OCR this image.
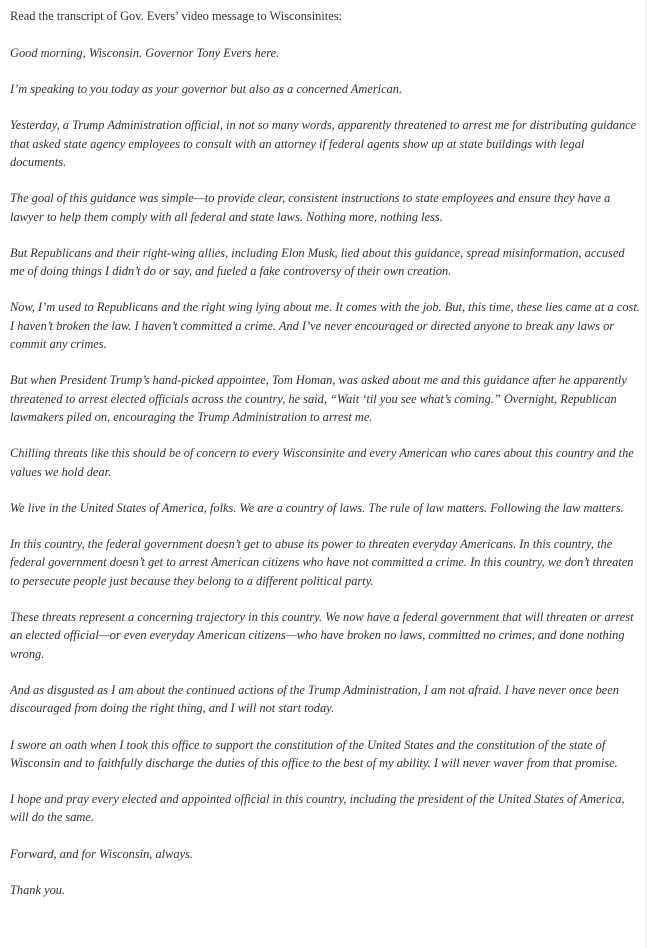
Read the transcript of Gov. Evers’ video message to Wisconsinites:

Good morning, Wisconsin. Governor Tony Evers here.

I’m speaking to you today as your governor but also as a concerned American.

Yesterday, a Trump Administration official, in not so many words, apparently threatened to arrest me for distributing guidance that asked state agency employees to consult with an attorney if federal agents show up at state buildings with legal documents.

The goal of this guidance was simple—to provide clear, consistent instructions to state employees and ensure they have a lawyer to help them comply with all federal and state laws. Nothing more, nothing less.

But Republicans and their right-wing allies, including Elon Musk, lied about this guidance, spread misinformation, accused me of doing things I didn’t do or say, and fueled a fake controversy of their own creation.

Now, I’m used to Republicans and the right wing lying about me. It comes with the job. But, this time, these lies came at a cost. I haven’t broken the law. I haven’t committed a crime. And I’ve never encouraged or directed anyone to break any laws or commit any crimes.

But when President Trump’s hand-picked appointee, Tom Homan, was asked about me and this guidance after he apparently threatened to arrest elected officials across the country, he said, “Wait ‘til you see what’s coming.” Overnight, Republican lawmakers piled on, encouraging the Trump Administration to arrest me.

Chilling threats like this should be of concern to every Wisconsinite and every American who cares about this country and the values we hold dear.

We live in the United States of America, folks. We are a country of laws. The rule of law matters. Following the law matters.

In this country, the federal government doesn’t get to abuse its power to threaten everyday Americans. In this country, the federal government doesn’t get to arrest American citizens who have not committed a crime. In this country, we don’t threaten to persecute people just because they belong to a different political party.

These threats represent a concerning trajectory in this country. We now have a federal government that will threaten or arrest an elected official—or even everyday American citizens—who have broken no laws, committed no crimes, and done nothing wrong.

And as disgusted as I am about the continued actions of the Trump Administration, I am not afraid. I have never once been discouraged from doing the right thing, and I will not start today.

I swore an oath when I took this office to support the constitution of the United States and the constitution of the state of Wisconsin and to faithfully discharge the duties of this office to the best of my ability. I will never waver from that promise.

I hope and pray every elected and appointed official in this country, including the president of the United States of America, will do the same.

Forward, and for Wisconsin, always.

Thank you.
